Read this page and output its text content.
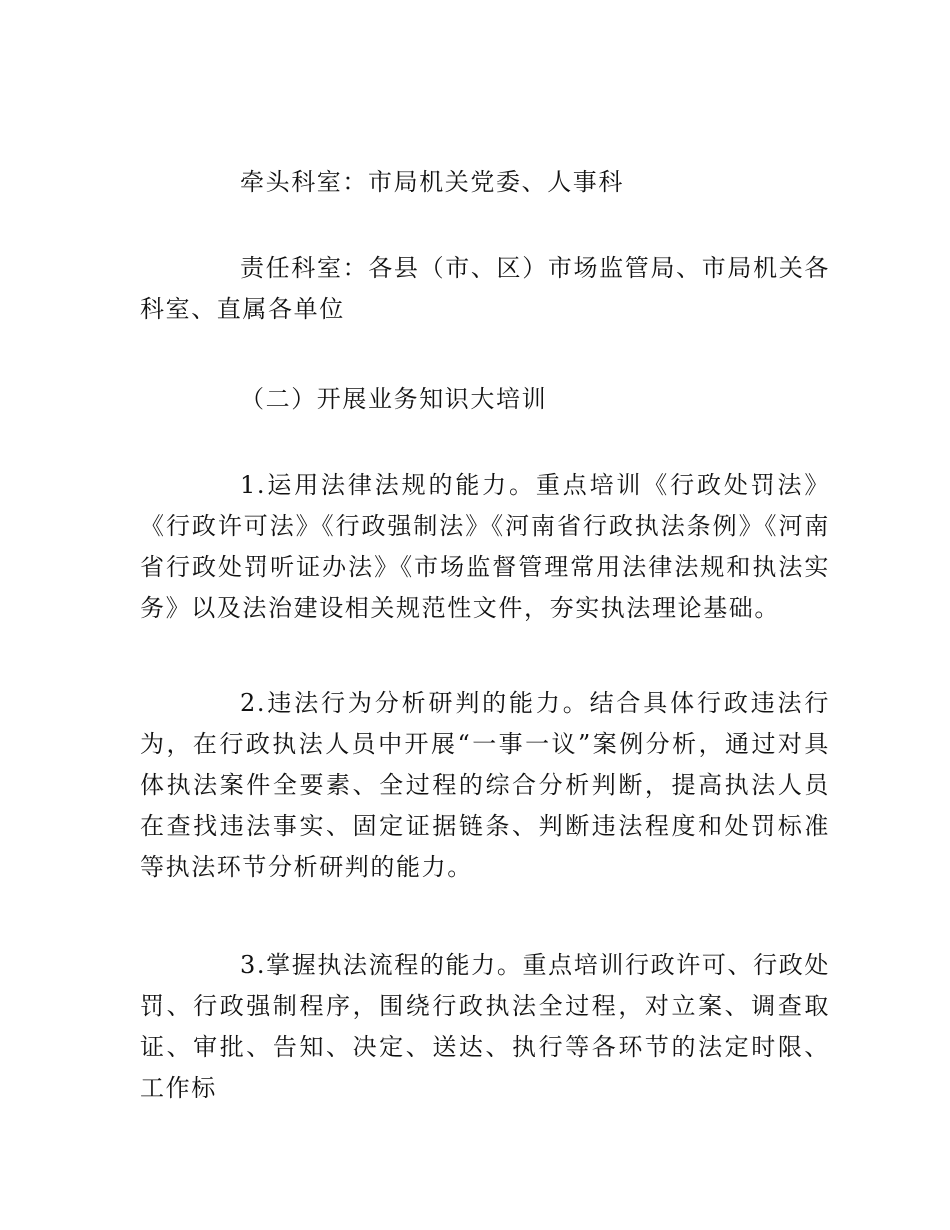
牵头科室：市局机关党委、人事科

责任科室：各县（市、区）市场监管局、市局机关各科室、直属各单位

（二）开展业务知识大培训

1.运用法律法规的能力。重点培训《行政处罚法》《行政许可法》《行政强制法》《河南省行政执法条例》《河南省行政处罚听证办法》《市场监督管理常用法律法规和执法实务》以及法治建设相关规范性文件，夯实执法理论基础。

2.违法行为分析研判的能力。结合具体行政违法行为，在行政执法人员中开展“一事一议”案例分析，通过对具体执法案件全要素、全过程的综合分析判断，提高执法人员在查找违法事实、固定证据链条、判断违法程度和处罚标准等执法环节分析研判的能力。

3.掌握执法流程的能力。重点培训行政许可、行政处罚、行政强制程序，围绕行政执法全过程，对立案、调查取证、审批、告知、决定、送达、执行等各环节的法定时限、工作标
